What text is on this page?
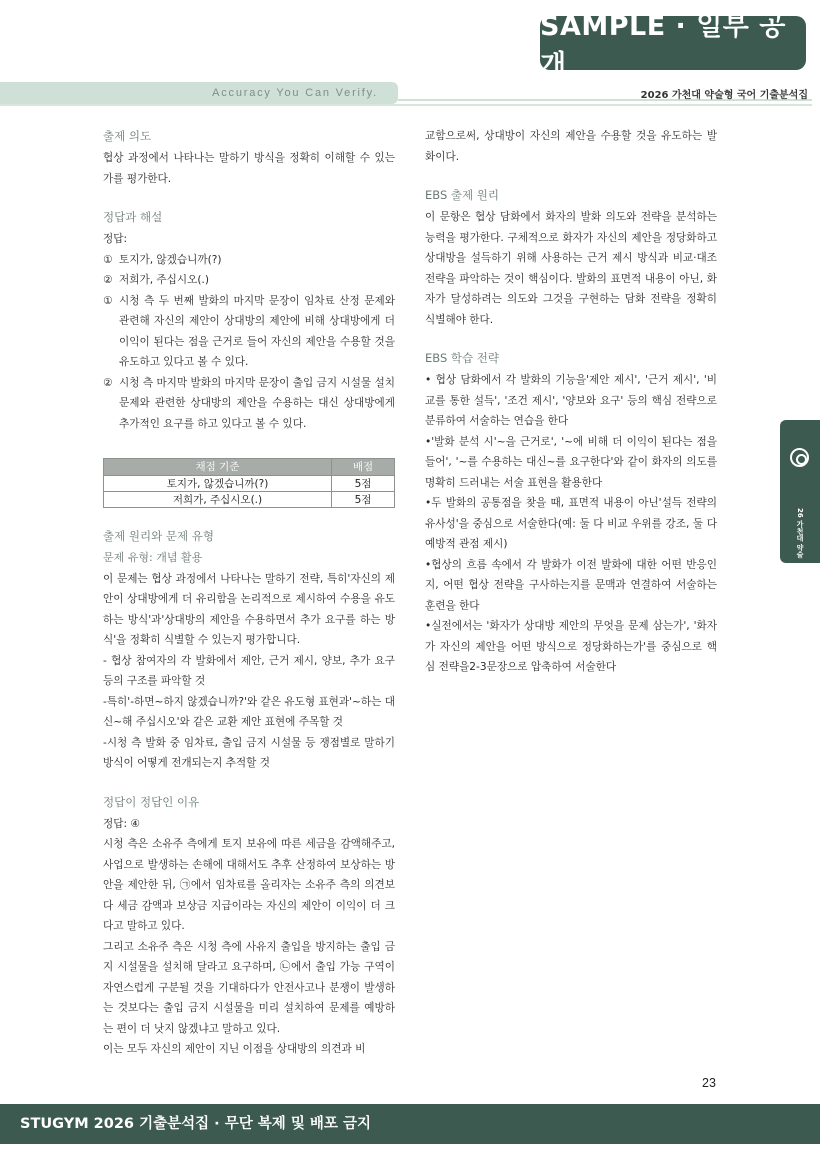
SAMPLE · 일부 공개
Accuracy You Can Verify.	2026 가천대 약술형 국어 기출분석집
출제 의도
협상 과정에서 나타나는 말하기 방식을 정확히 이해할 수 있는가를 평가한다.
정답과 해설
정답:
① 토지가, 않겠습니까(?)
② 저희가, 주십시오(.)
① 시청 측 두 번째 발화의 마지막 문장이 임차료 산정 문제와 관련해 자신의 제안이 상대방의 제안에 비해 상대방에게 더 이익이 된다는 점을 근거로 들어 자신의 제안을 수용할 것을 유도하고 있다고 볼 수 있다.
② 시청 측 마지막 발화의 마지막 문장이 출입 금지 시설물 설치 문제와 관련한 상대방의 제안을 수용하는 대신 상대방에게 추가적인 요구를 하고 있다고 볼 수 있다.
채점 기준	배점
토지가, 않겠습니까(?)	5점
저희가, 주십시오(.)	5점
출제 원리와 문제 유형
문제 유형: 개념 활용
이 문제는 협상 과정에서 나타나는 말하기 전략, 특히'자신의 제안이 상대방에게 더 유리함을 논리적으로 제시하여 수용을 유도하는 방식'과'상대방의 제안을 수용하면서 추가 요구를 하는 방식'을 정확히 식별할 수 있는지 평가합니다.
- 협상 참여자의 각 발화에서 제안, 근거 제시, 양보, 추가 요구 등의 구조를 파악할 것
-특히'-하면~하지 않겠습니까?'와 같은 유도형 표현과'~하는 대신~해 주십시오'와 같은 교환 제안 표현에 주목할 것
-시청 측 발화 중 임차료, 출입 금지 시설물 등 쟁점별로 말하기 방식이 어떻게 전개되는지 추적할 것
정답이 정답인 이유
정답: ④
시청 측은 소유주 측에게 토지 보유에 따른 세금을 감액해주고, 사업으로 발생하는 손해에 대해서도 추후 산정하여 보상하는 방안을 제안한 뒤, ㉠에서 임차료를 올리자는 소유주 측의 의견보다 세금 감액과 보상금 지급이라는 자신의 제안이 이익이 더 크다고 말하고 있다.
그리고 소유주 측은 시청 측에 사유지 출입을 방지하는 출입 금지 시설물을 설치해 달라고 요구하며, ㉡에서 출입 가능 구역이 자연스럽게 구분될 것을 기대하다가 안전사고나 분쟁이 발생하는 것보다는 출입 금지 시설물을 미리 설치하여 문제를 예방하는 편이 더 낫지 않겠냐고 말하고 있다.
이는 모두 자신의 제안이 지닌 이점을 상대방의 의견과 비
교함으로써, 상대방이 자신의 제안을 수용할 것을 유도하는 발화이다.
EBS 출제 원리
이 문항은 협상 담화에서 화자의 발화 의도와 전략을 분석하는 능력을 평가한다. 구체적으로 화자가 자신의 제안을 정당화하고 상대방을 설득하기 위해 사용하는 근거 제시 방식과 비교·대조 전략을 파악하는 것이 핵심이다. 발화의 표면적 내용이 아닌, 화자가 달성하려는 의도와 그것을 구현하는 담화 전략을 정확히 식별해야 한다.
EBS 학습 전략
• 협상 담화에서 각 발화의 기능을'제안 제시', '근거 제시', '비교를 통한 설득', '조건 제시', '양보와 요구' 등의 핵심 전략으로 분류하여 서술하는 연습을 한다
•'발화 분석 시'~을 근거로', '~에 비해 더 이익이 된다는 점을 들어', '~를 수용하는 대신~를 요구한다'와 같이 화자의 의도를 명확히 드러내는 서술 표현을 활용한다
•두 발화의 공통점을 찾을 때, 표면적 내용이 아닌'설득 전략의 유사성'을 중심으로 서술한다(예: 둘 다 비교 우위를 강조, 둘 다 예방적 관점 제시)
•협상의 흐름 속에서 각 발화가 이전 발화에 대한 어떤 반응인지, 어떤 협상 전략을 구사하는지를 문맥과 연결하여 서술하는 훈련을 한다
•실전에서는 '화자가 상대방 제안의 무엇을 문제 삼는가', '화자가 자신의 제안을 어떤 방식으로 정당화하는가'를 중심으로 핵심 전략을2-3문장으로 압축하여 서술한다
26 가천대 약술
23
STUGYM 2026 기출분석집 · 무단 복제 및 배포 금지
